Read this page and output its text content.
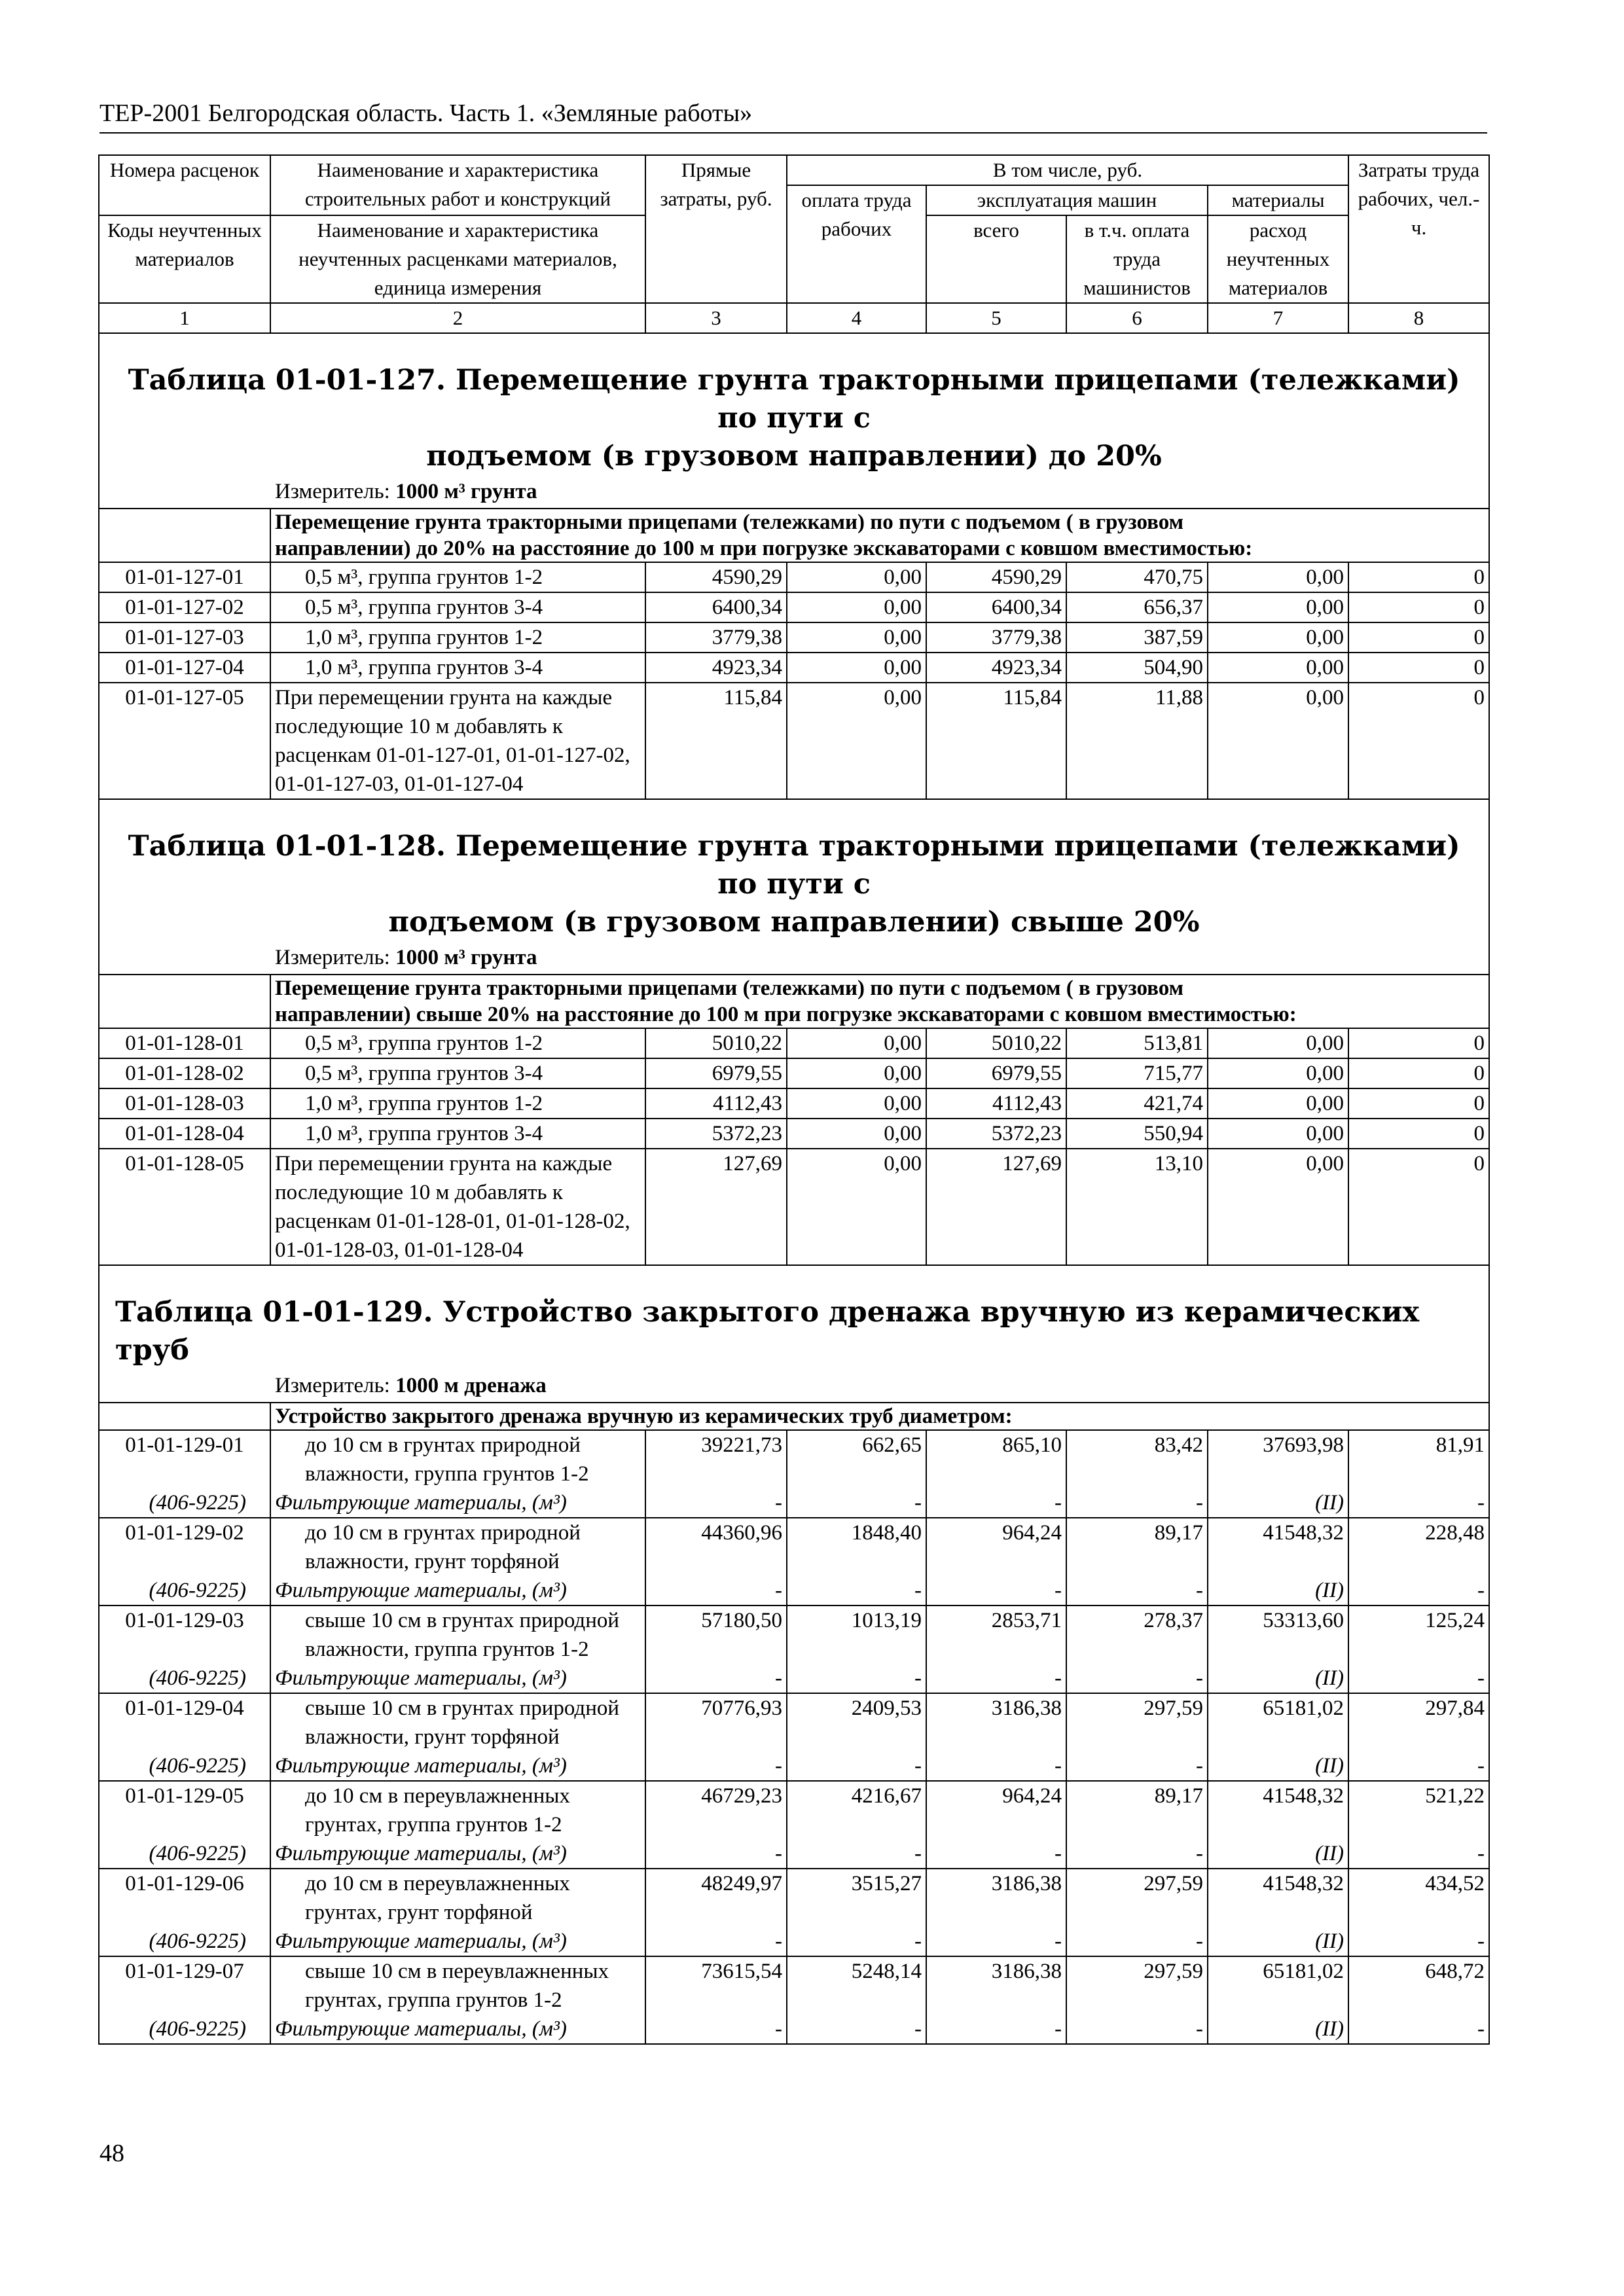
ТЕР-2001 Белгородская область. Часть 1. «Земляные работы»
Номера расценок	Наименование и характеристика строительных работ и конструкций	Прямые затраты, руб.	В том числе, руб.				Затраты труда рабочих, чел.-ч.
			оплата труда рабочих	эксплуатация машин		материалы	
Коды неучтенных материалов	Наименование и характеристика неучтенных расценками материалов, единица измерения			всего	в т.ч. оплата труда машинистов	расход неучтенных материалов	

1	2	3	4	5	6	7	8

Таблица 01-01-127. Перемещение грунта тракторными прицепами (тележками) по пути с
подъемом (в грузовом направлении) до 20%							

Измеритель: 1000 м³ грунта							

	Перемещение грунта тракторными прицепами (тележками) по пути с подъемом ( в грузовом
направлении) до 20% на расстояние до 100 м при погрузке экскаваторами с ковшом вместимостью:						

01-01-127-01	0,5 м³, группа грунтов 1-2	4590,29	0,00	4590,29	470,75	0,00	0
01-01-127-02	0,5 м³, группа грунтов 3-4	6400,34	0,00	6400,34	656,37	0,00	0
01-01-127-03	1,0 м³, группа грунтов 1-2	3779,38	0,00	3779,38	387,59	0,00	0
01-01-127-04	1,0 м³, группа грунтов 3-4	4923,34	0,00	4923,34	504,90	0,00	0
01-01-127-05	При перемещении грунта на каждые последующие 10 м добавлять к расценкам 01-01-127-01, 01-01-127-02, 01-01-127-03, 01-01-127-04	115,84	0,00	115,84	11,88	0,00	0

Таблица 01-01-128. Перемещение грунта тракторными прицепами (тележками) по пути с
подъемом (в грузовом направлении) свыше 20%							

Измеритель: 1000 м³ грунта							

	Перемещение грунта тракторными прицепами (тележками) по пути с подъемом ( в грузовом
направлении) свыше 20% на расстояние до 100 м при погрузке экскаваторами с ковшом вместимостью:						

01-01-128-01	0,5 м³, группа грунтов 1-2	5010,22	0,00	5010,22	513,81	0,00	0
01-01-128-02	0,5 м³, группа грунтов 3-4	6979,55	0,00	6979,55	715,77	0,00	0
01-01-128-03	1,0 м³, группа грунтов 1-2	4112,43	0,00	4112,43	421,74	0,00	0
01-01-128-04	1,0 м³, группа грунтов 3-4	5372,23	0,00	5372,23	550,94	0,00	0
01-01-128-05	При перемещении грунта на каждые последующие 10 м добавлять к расценкам 01-01-128-01, 01-01-128-02, 01-01-128-03, 01-01-128-04	127,69	0,00	127,69	13,10	0,00	0

Таблица 01-01-129. Устройство закрытого дренажа вручную из керамических труб							

Измеритель: 1000 м дренажа							

	Устройство закрытого дренажа вручную из керамических труб диаметром:						

01-01-129-01	до 10 см в грунтах природной влажности, группа грунтов 1-2	39221,73	662,65	865,10	83,42	37693,98	81,91
(406-9225)	Фильтрующие материалы, (м³)	-	-	-	-	(II)	-
01-01-129-02	до 10 см в грунтах природной влажности, грунт торфяной	44360,96	1848,40	964,24	89,17	41548,32	228,48
(406-9225)	Фильтрующие материалы, (м³)	-	-	-	-	(II)	-
01-01-129-03	свыше 10 см в грунтах природной влажности, группа грунтов 1-2	57180,50	1013,19	2853,71	278,37	53313,60	125,24
(406-9225)	Фильтрующие материалы, (м³)	-	-	-	-	(II)	-
01-01-129-04	свыше 10 см в грунтах природной влажности, грунт торфяной	70776,93	2409,53	3186,38	297,59	65181,02	297,84
(406-9225)	Фильтрующие материалы, (м³)	-	-	-	-	(II)	-
01-01-129-05	до 10 см в переувлажненных грунтах, группа грунтов 1-2	46729,23	4216,67	964,24	89,17	41548,32	521,22
(406-9225)	Фильтрующие материалы, (м³)	-	-	-	-	(II)	-
01-01-129-06	до 10 см в переувлажненных грунтах, грунт торфяной	48249,97	3515,27	3186,38	297,59	41548,32	434,52
(406-9225)	Фильтрующие материалы, (м³)	-	-	-	-	(II)	-
01-01-129-07	свыше 10 см в переувлажненных грунтах, группа грунтов 1-2	73615,54	5248,14	3186,38	297,59	65181,02	648,72
(406-9225)	Фильтрующие материалы, (м³)	-	-	-	-	(II)	-
48
